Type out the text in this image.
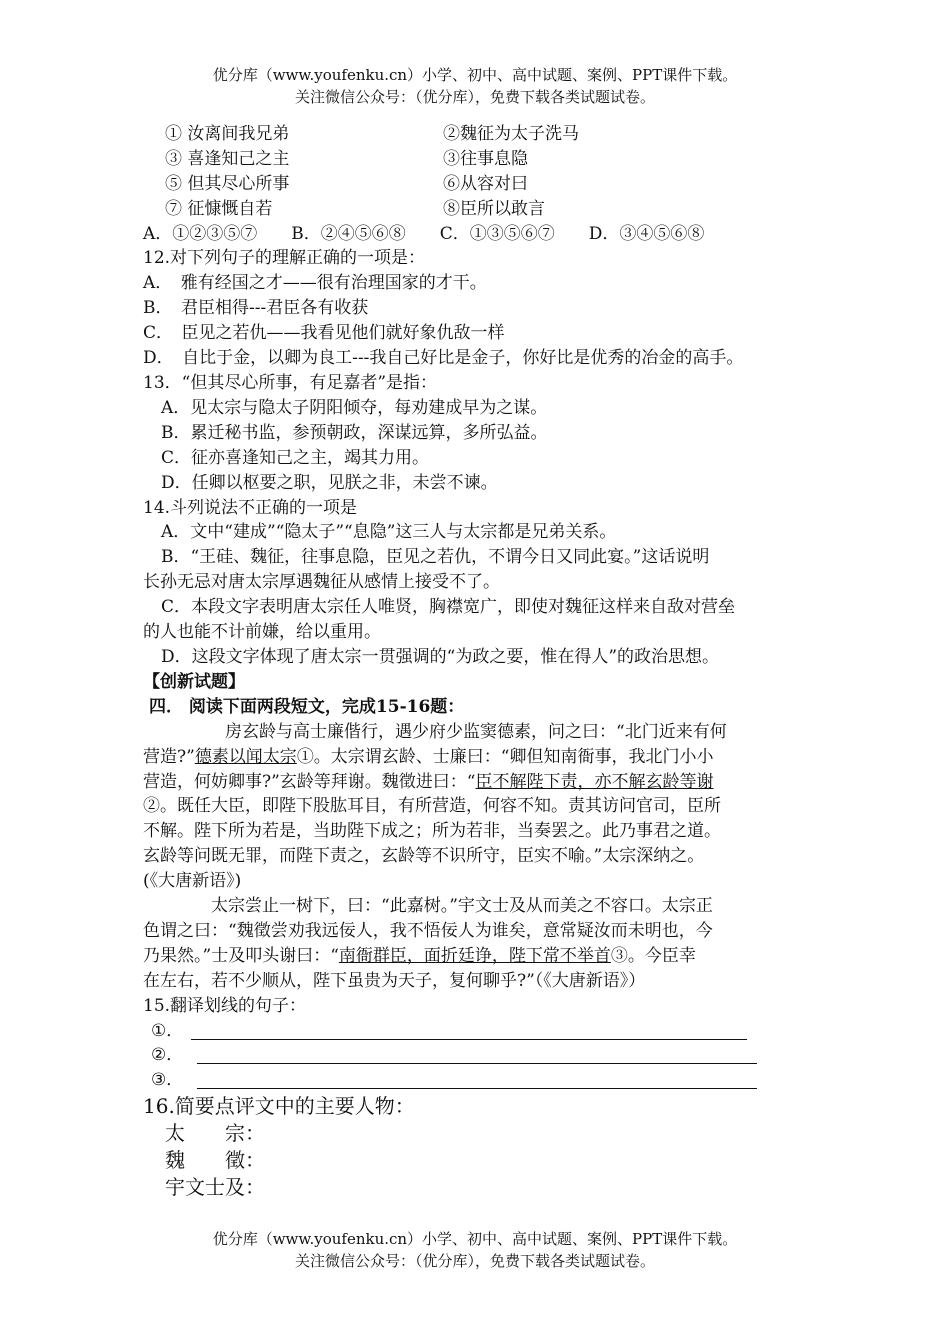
优分库（www.youfenku.cn）小学、初中、高中试题、案例、PPT课件下载。
关注微信公众号：（优分库），免费下载各类试题试卷。
① 汝离间我兄弟	②魏征为太子洗马
③ 喜逢知己之主	③往事息隐
⑤ 但其尽心所事	⑥从容对曰
⑦ 征慷慨自若	⑧臣所以敢言
A．①②③⑤⑦　　B．②④⑤⑥⑧　　C．①③⑤⑥⑦　　D．③④⑤⑥⑧
12.对下列句子的理解正确的一项是：
A．　雅有经国之才——很有治理国家的才干。
B．　君臣相得---君臣各有收获
C．　臣见之若仇——我看见他们就好象仇敌一样
D．　自比于金，以卿为良工---我自己好比是金子，你好比是优秀的冶金的高手。
13．“但其尽心所事，有足嘉者”是指：
A．见太宗与隐太子阴阳倾夺，每劝建成早为之谋。
B．累迁秘书监，参预朝政，深谋远算，多所弘益。
C．征亦喜逢知己之主，竭其力用。
D．任卿以枢要之职，见朕之非，未尝不谏。
14.斗列说法不正确的一项是
A．文中“建成”“隐太子”“息隐”这三人与太宗都是兄弟关系。
B．“王硅、魏征，往事息隐，臣见之若仇，不谓今日又同此宴。”这话说明
长孙无忌对唐太宗厚遇魏征从感情上接受不了。
C．本段文字表明唐太宗任人唯贤，胸襟宽广，即使对魏征这样来自敌对营垒
的人也能不计前嫌，给以重用。
D．这段文字体现了唐太宗一贯强调的“为政之要，惟在得人”的政治思想。
【创新试题】
四． 阅读下面两段短文，完成15-16题：
房玄龄与高士廉偕行，遇少府少监窦德素，问之曰：“北门近来有何
营造?”德素以闻太宗①。太宗谓玄龄、士廉曰：“卿但知南衙事，我北门小小
营造，何妨卿事?”玄龄等拜谢。魏徵进曰：“臣不解陛下责，亦不解玄龄等谢
②。既任大臣，即陛下股肱耳目，有所营造，何容不知。责其访问官司，臣所
不解。陛下所为若是，当助陛下成之；所为若非，当奏罢之。此乃事君之道。
玄龄等问既无罪，而陛下责之，玄龄等不识所守，臣实不喻。”太宗深纳之。
(《大唐新语》)
太宗尝止一树下，曰：“此嘉树。”宇文士及从而美之不容口。太宗正
色谓之曰：“魏徵尝劝我远佞人，我不悟佞人为谁矣，意常疑汝而未明也，今
乃果然。”士及叩头谢曰：“南衙群臣，面折廷诤，陛下常不举首③。今臣幸
在左右，若不少顺从，陛下虽贵为天子，复何聊乎?”（《大唐新语》）
15.翻译划线的句子：
①．
②．
③．
16.简要点评文中的主要人物：
太　　宗：
魏　　徵：
宇文士及：
优分库（www.youfenku.cn）小学、初中、高中试题、案例、PPT课件下载。
关注微信公众号：（优分库），免费下载各类试题试卷。
